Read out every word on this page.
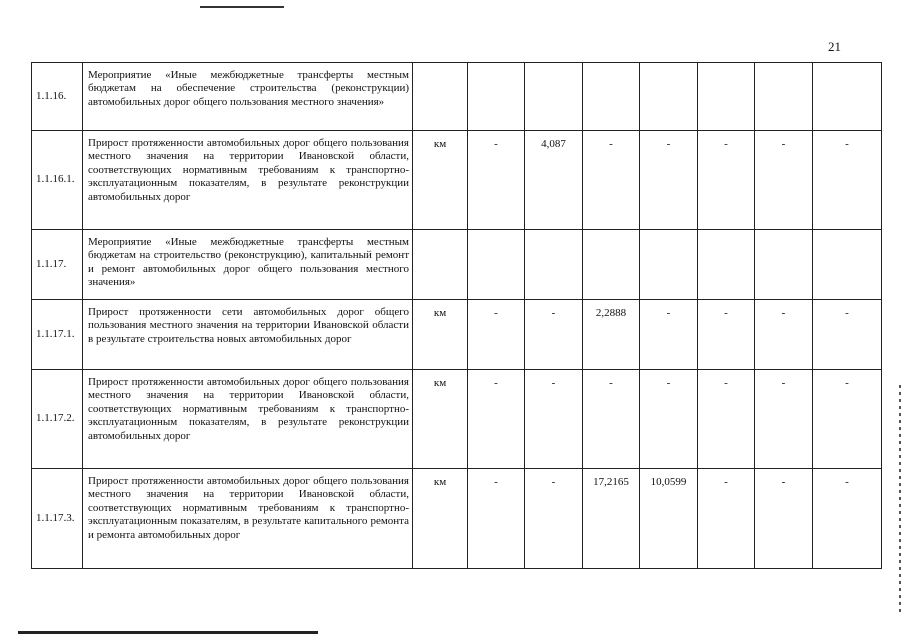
21
1.1.16.	Мероприятие «Иные межбюджетные трансферты местным бюджетам на обеспечение строительства (реконструкции) автомобильных дорог общего пользования местного значения»								
1.1.16.1.	Прирост протяженности автомобильных дорог общего пользования местного значения на территории Ивановской области, соответствующих нормативным требованиям к транспортно-эксплуатационным показателям, в результате реконструкции автомобильных дорог	км	-	4,087	-	-	-	-	-
1.1.17.	Мероприятие «Иные межбюджетные трансферты местным бюджетам на строительство (реконструкцию), капитальный ремонт и ремонт автомобильных дорог общего пользования местного значения»								
1.1.17.1.	Прирост протяженности сети автомобильных дорог общего пользования местного значения на территории Ивановской области в результате строительства новых автомобильных дорог	км	-	-	2,2888	-	-	-	-
1.1.17.2.	Прирост протяженности автомобильных дорог общего пользования местного значения на территории Ивановской области, соответствующих нормативным требованиям к транспортно- эксплуатационным показателям, в результате реконструкции автомобильных дорог	км	-	-	-	-	-	-	-
1.1.17.3.	Прирост протяженности автомобильных дорог общего пользования местного значения на территории Ивановской области, соответствующих нормативным требованиям к транспортно-эксплуатационным показателям, в результате капитального ремонта и ремонта автомобильных дорог	км	-	-	17,2165	10,0599	-	-	-
